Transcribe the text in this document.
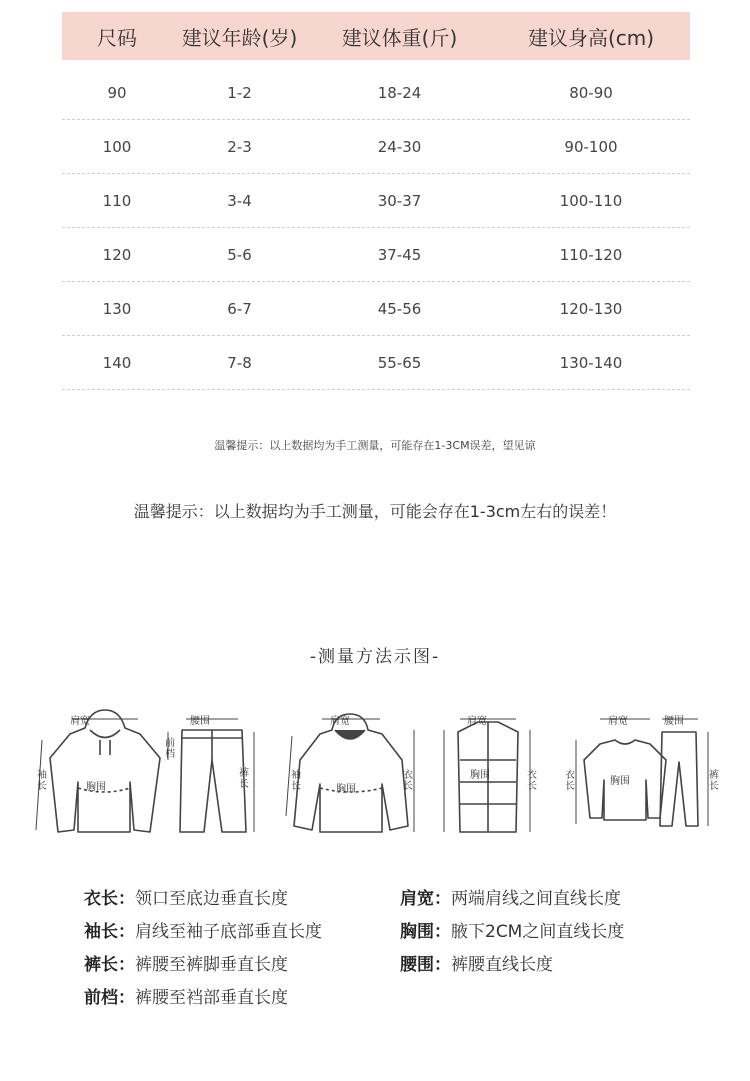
尺码	建议年龄(岁)	建议体重(斤)	建议身高(cm)
90	1-2	18-24	80-90
100	2-3	24-30	90-100
110	3-4	30-37	100-110
120	5-6	37-45	110-120
130	6-7	45-56	120-130
140	7-8	55-65	130-140
温馨提示：以上数据均为手工测量，可能存在1-3CM误差，望见谅
温馨提示：以上数据均为手工测量，可能会存在1-3cm左右的误差！
-测量方法示图-
肩宽	腰围	肩宽	肩宽	肩宽	腰围
胸围	胸围
胸围
胸围
袖长
前档
裤长
袖长
衣长
衣长
衣长
裤长
衣长：领口至底边垂直长度	肩宽：两端肩线之间直线长度
袖长：肩线至袖子底部垂直长度	胸围：腋下2CM之间直线长度
裤长：裤腰至裤脚垂直长度	腰围：裤腰直线长度
前档：裤腰至裆部垂直长度
